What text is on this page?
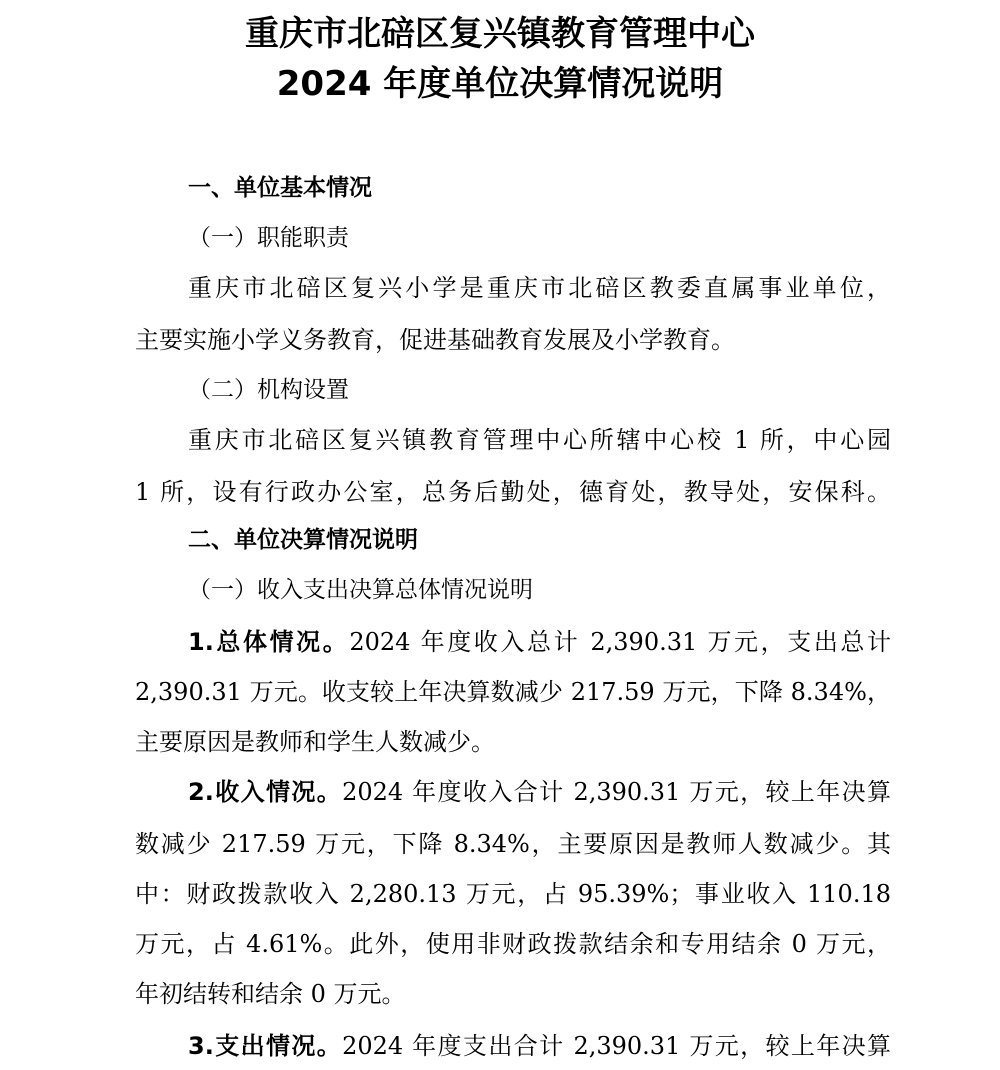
重庆市北碚区复兴镇教育管理中心
2024 年度单位决算情况说明

一、单位基本情况

（一）职能职责

重庆市北碚区复兴小学是重庆市北碚区教委直属事业单位，

主要实施小学义务教育，促进基础教育发展及小学教育。

（二）机构设置

重庆市北碚区复兴镇教育管理中心所辖中心校 1 所，中心园

1 所，设有行政办公室，总务后勤处，德育处，教导处，安保科。

二、单位决算情况说明

（一）收入支出决算总体情况说明

1.总体情况。2024 年度收入总计 2,390.31 万元，支出总计

2,390.31 万元。收支较上年决算数减少 217.59 万元，下降 8.34%，

主要原因是教师和学生人数减少。

2.收入情况。2024 年度收入合计 2,390.31 万元，较上年决算

数减少 217.59 万元，下降 8.34%，主要原因是教师人数减少。其

中：财政拨款收入 2,280.13 万元，占 95.39%；事业收入 110.18

万元，占 4.61%。此外，使用非财政拨款结余和专用结余 0 万元，

年初结转和结余 0 万元。

3.支出情况。2024 年度支出合计 2,390.31 万元，较上年决算
